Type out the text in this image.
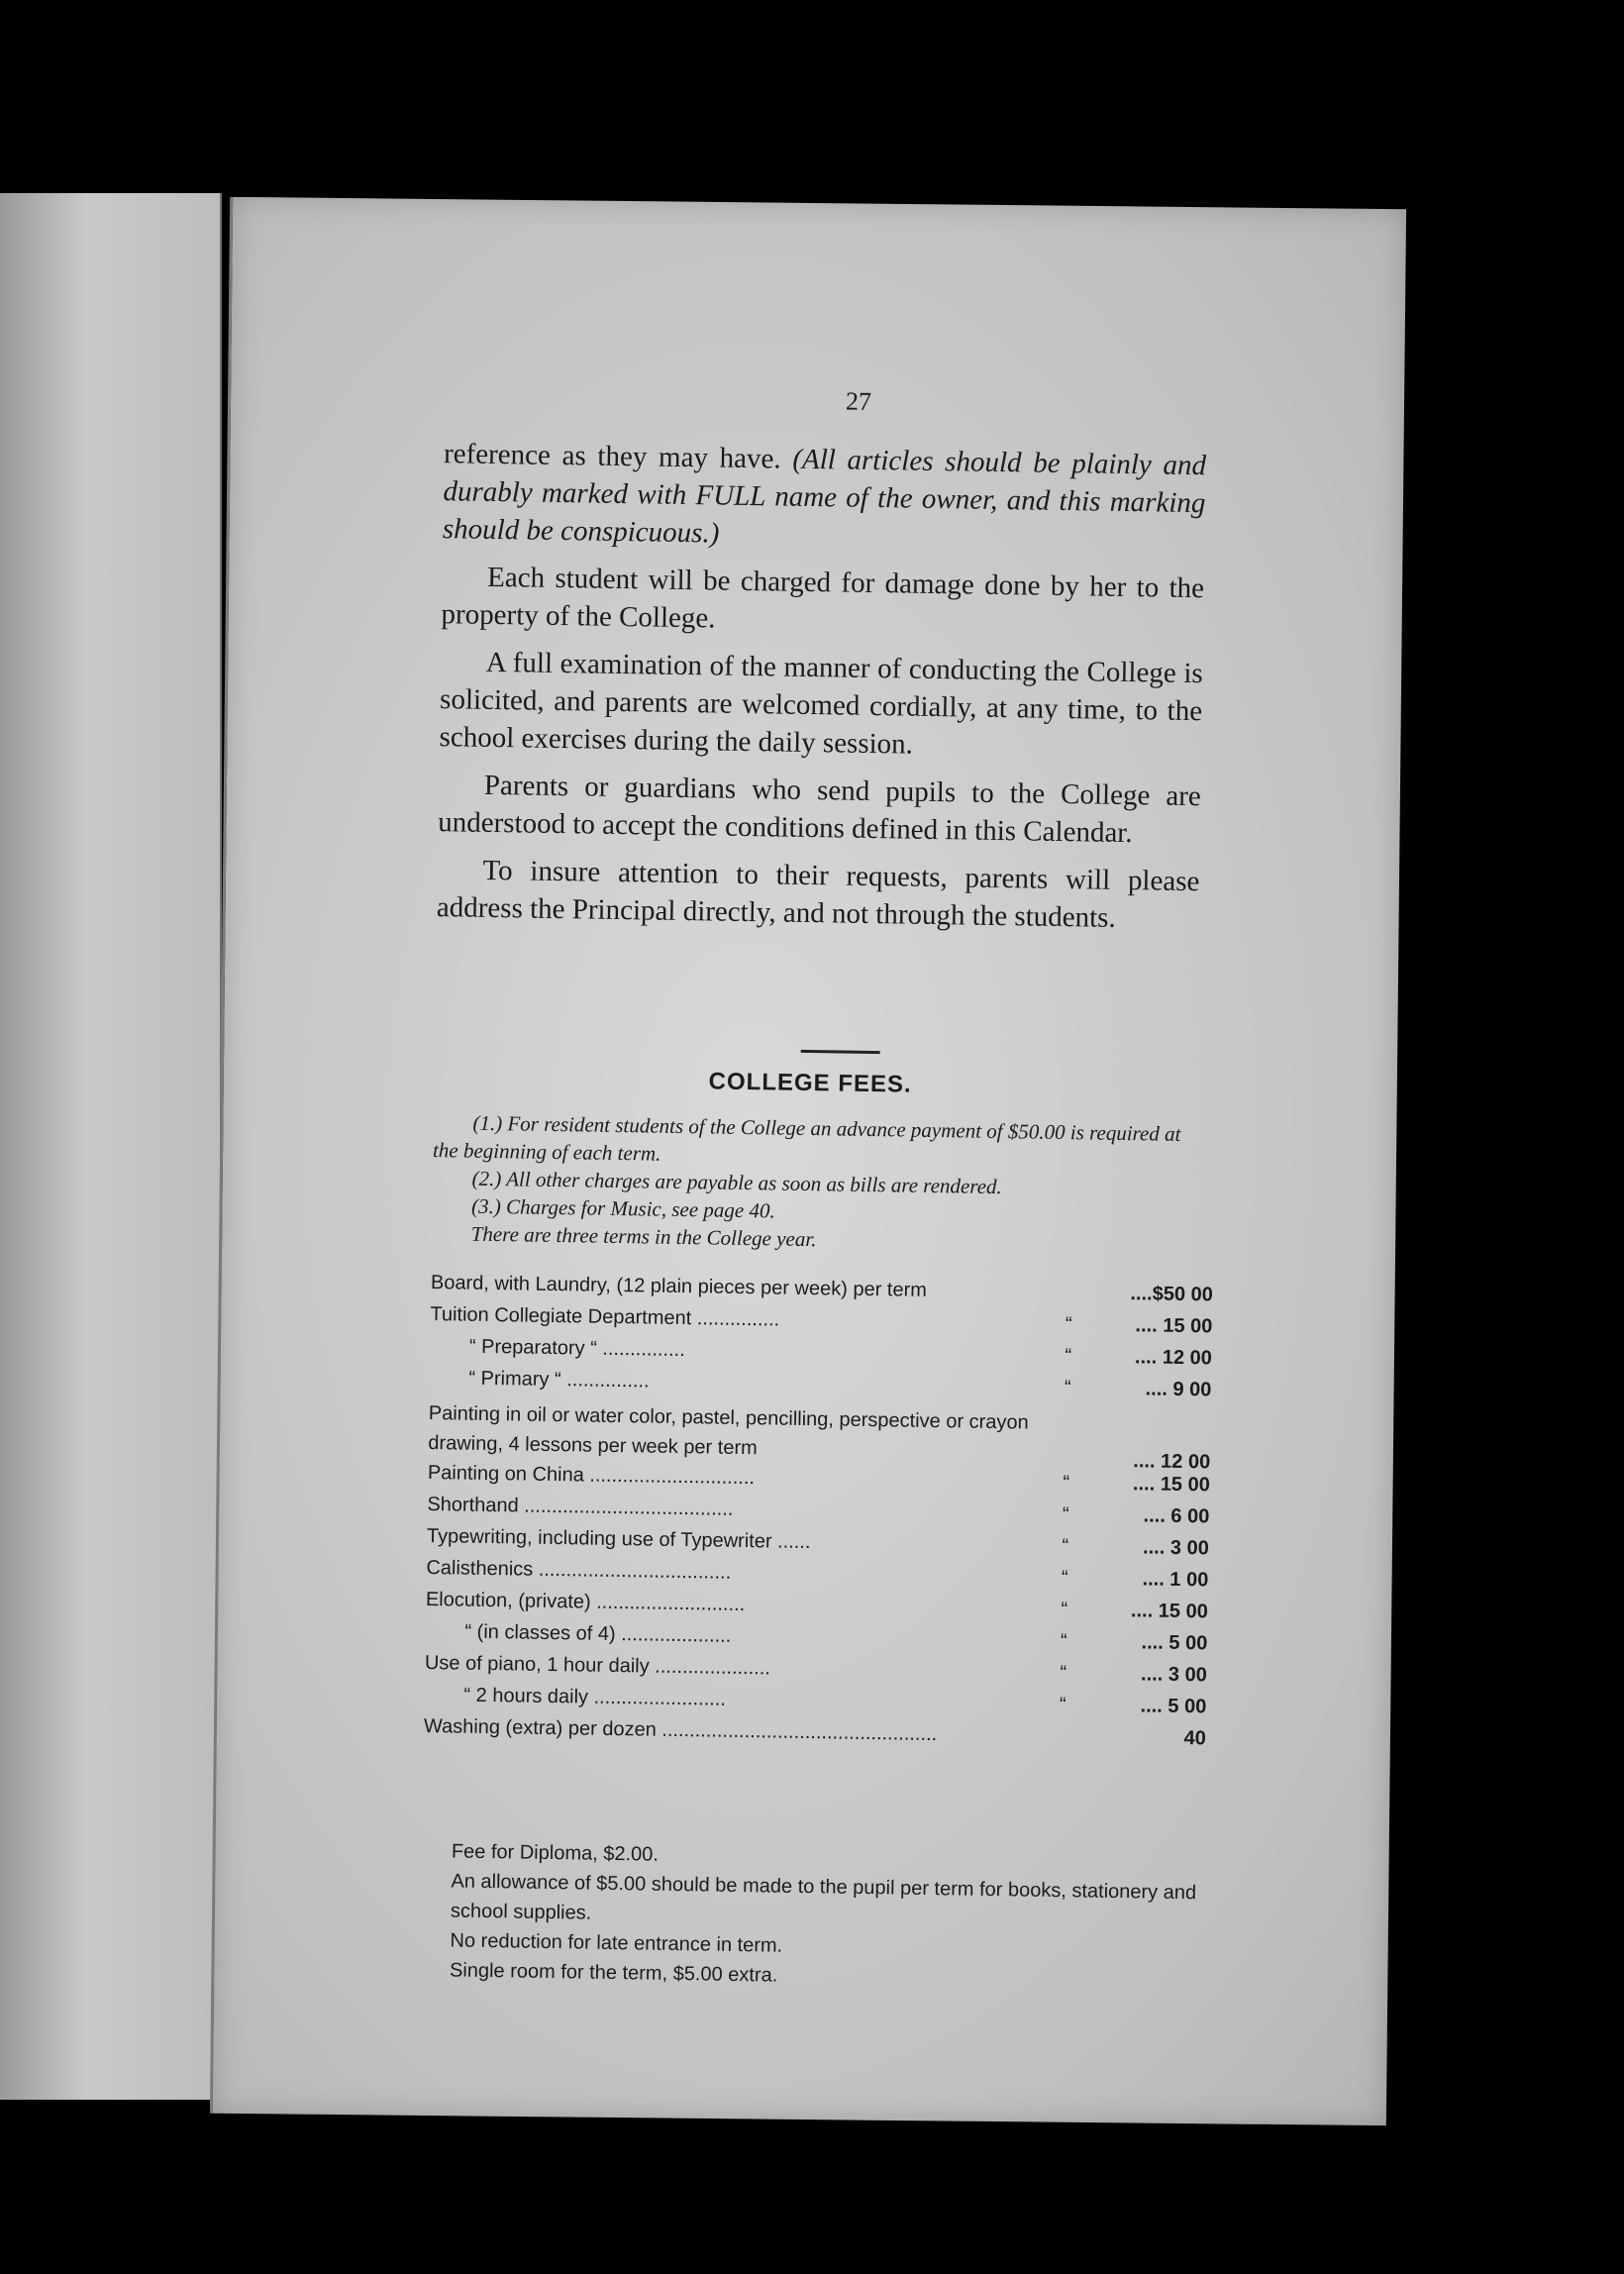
27

reference as they may have. (All articles should be plainly and durably marked with FULL name of the owner, and this marking should be conspicuous.)

Each student will be charged for damage done by her to the property of the College.

A full examination of the manner of conducting the College is solicited, and parents are welcomed cordially, at any time, to the school exercises during the daily session.

Parents or guardians who send pupils to the College are understood to accept the conditions defined in this Calendar.

To insure attention to their requests, parents will please address the Principal directly, and not through the students.

COLLEGE FEES.
(1.) For resident students of the College an advance payment of $50.00 is required at the beginning of each term.
(2.) All other charges are payable as soon as bills are rendered.
(3.) Charges for Music, see page 40.
There are three terms in the College year.
Board, with Laundry, (12 plain pieces per week) per term	....$50 00
Tuition Collegiate Department ...............	“	.... 15 00
“ Preparatory “ ...............	“	.... 12 00
“ Primary “ ...............	“	.... 9 00
Painting in oil or water color, pastel, pencilling, perspective or crayon drawing, 4 lessons per week per term
.... 12 00
Painting on China ..............................	“	.... 15 00
Shorthand ......................................	“	.... 6 00
Typewriting, including use of Typewriter ......	“	.... 3 00
Calisthenics ...................................	“	.... 1 00
Elocution, (private) ...........................	“	.... 15 00
“ (in classes of 4) ....................	“	.... 5 00
Use of piano, 1 hour daily .....................	“	.... 3 00
“ 2 hours daily ........................	“	.... 5 00
Washing (extra) per dozen ..................................................	40

Fee for Diploma, $2.00.

An allowance of $5.00 should be made to the pupil per term for books, stationery and school supplies.

No reduction for late entrance in term.

Single room for the term, $5.00 extra.
